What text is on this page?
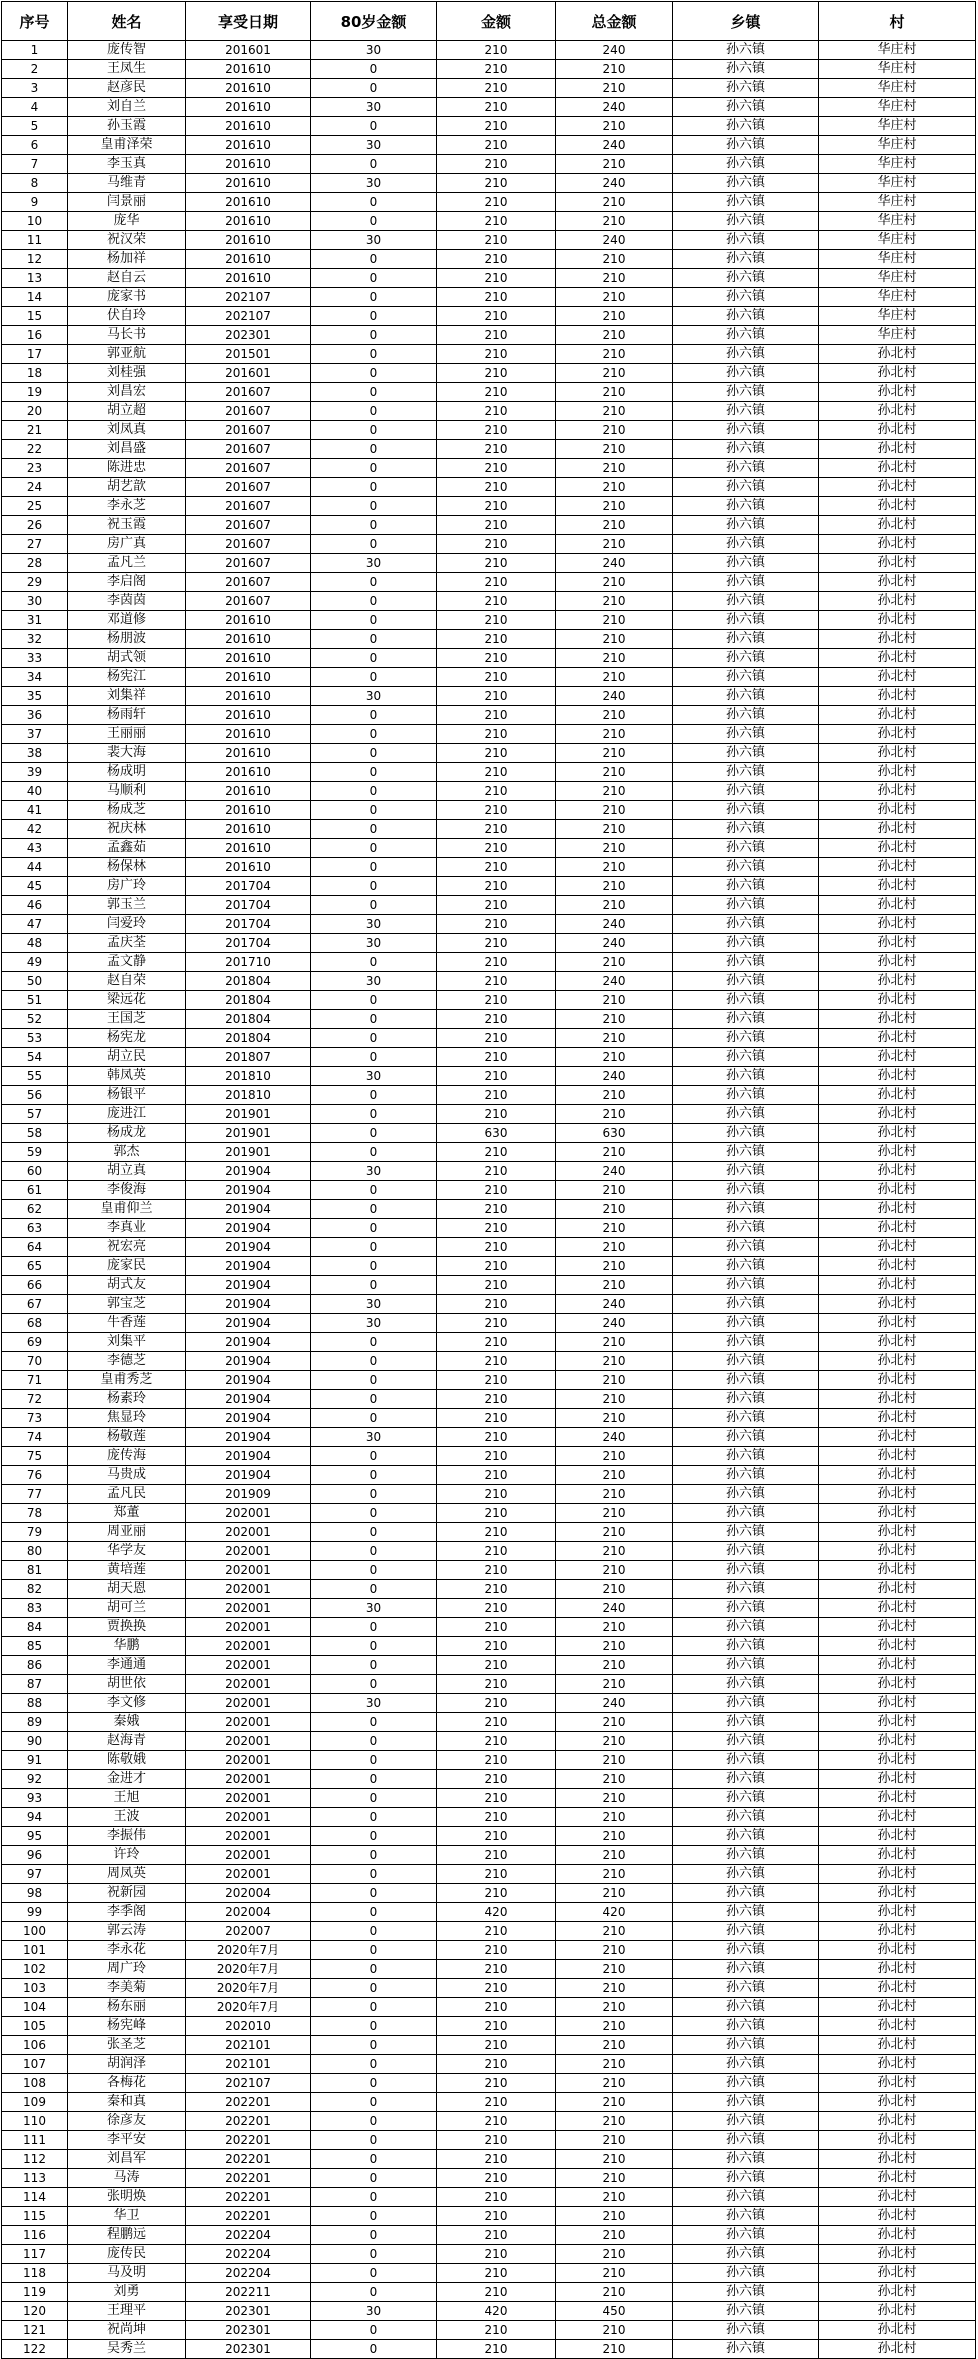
序号	姓名	享受日期	80岁金额	金额	总金额	乡镇	村
1	庞传智	201601	30	210	240	孙六镇	华庄村
2	王凤生	201610	0	210	210	孙六镇	华庄村
3	赵彦民	201610	0	210	210	孙六镇	华庄村
4	刘自兰	201610	30	210	240	孙六镇	华庄村
5	孙玉霞	201610	0	210	210	孙六镇	华庄村
6	皇甫泽荣	201610	30	210	240	孙六镇	华庄村
7	李玉真	201610	0	210	210	孙六镇	华庄村
8	马维青	201610	30	210	240	孙六镇	华庄村
9	闫景丽	201610	0	210	210	孙六镇	华庄村
10	庞华	201610	0	210	210	孙六镇	华庄村
11	祝汉荣	201610	30	210	240	孙六镇	华庄村
12	杨加祥	201610	0	210	210	孙六镇	华庄村
13	赵自云	201610	0	210	210	孙六镇	华庄村
14	庞家书	202107	0	210	210	孙六镇	华庄村
15	伏自玲	202107	0	210	210	孙六镇	华庄村
16	马长书	202301	0	210	210	孙六镇	华庄村
17	郭亚航	201501	0	210	210	孙六镇	孙北村
18	刘桂强	201601	0	210	210	孙六镇	孙北村
19	刘昌宏	201607	0	210	210	孙六镇	孙北村
20	胡立超	201607	0	210	210	孙六镇	孙北村
21	刘凤真	201607	0	210	210	孙六镇	孙北村
22	刘昌盛	201607	0	210	210	孙六镇	孙北村
23	陈进忠	201607	0	210	210	孙六镇	孙北村
24	胡艺歆	201607	0	210	210	孙六镇	孙北村
25	李永芝	201607	0	210	210	孙六镇	孙北村
26	祝玉霞	201607	0	210	210	孙六镇	孙北村
27	房广真	201607	0	210	210	孙六镇	孙北村
28	孟凡兰	201607	30	210	240	孙六镇	孙北村
29	李启阁	201607	0	210	210	孙六镇	孙北村
30	李茵茵	201607	0	210	210	孙六镇	孙北村
31	邓道修	201610	0	210	210	孙六镇	孙北村
32	杨朋波	201610	0	210	210	孙六镇	孙北村
33	胡式领	201610	0	210	210	孙六镇	孙北村
34	杨宪江	201610	0	210	210	孙六镇	孙北村
35	刘集祥	201610	30	210	240	孙六镇	孙北村
36	杨雨轩	201610	0	210	210	孙六镇	孙北村
37	王丽丽	201610	0	210	210	孙六镇	孙北村
38	裴大海	201610	0	210	210	孙六镇	孙北村
39	杨成明	201610	0	210	210	孙六镇	孙北村
40	马顺利	201610	0	210	210	孙六镇	孙北村
41	杨成芝	201610	0	210	210	孙六镇	孙北村
42	祝庆林	201610	0	210	210	孙六镇	孙北村
43	孟鑫茹	201610	0	210	210	孙六镇	孙北村
44	杨保林	201610	0	210	210	孙六镇	孙北村
45	房广玲	201704	0	210	210	孙六镇	孙北村
46	郭玉兰	201704	0	210	210	孙六镇	孙北村
47	闫爱玲	201704	30	210	240	孙六镇	孙北村
48	孟庆荃	201704	30	210	240	孙六镇	孙北村
49	孟文静	201710	0	210	210	孙六镇	孙北村
50	赵自荣	201804	30	210	240	孙六镇	孙北村
51	梁远花	201804	0	210	210	孙六镇	孙北村
52	王国芝	201804	0	210	210	孙六镇	孙北村
53	杨宪龙	201804	0	210	210	孙六镇	孙北村
54	胡立民	201807	0	210	210	孙六镇	孙北村
55	韩凤英	201810	30	210	240	孙六镇	孙北村
56	杨银平	201810	0	210	210	孙六镇	孙北村
57	庞进江	201901	0	210	210	孙六镇	孙北村
58	杨成龙	201901	0	630	630	孙六镇	孙北村
59	郭杰	201901	0	210	210	孙六镇	孙北村
60	胡立真	201904	30	210	240	孙六镇	孙北村
61	李俊海	201904	0	210	210	孙六镇	孙北村
62	皇甫仰兰	201904	0	210	210	孙六镇	孙北村
63	李真业	201904	0	210	210	孙六镇	孙北村
64	祝宏亮	201904	0	210	210	孙六镇	孙北村
65	庞家民	201904	0	210	210	孙六镇	孙北村
66	胡式友	201904	0	210	210	孙六镇	孙北村
67	郭宝芝	201904	30	210	240	孙六镇	孙北村
68	牛香莲	201904	30	210	240	孙六镇	孙北村
69	刘集平	201904	0	210	210	孙六镇	孙北村
70	李德芝	201904	0	210	210	孙六镇	孙北村
71	皇甫秀芝	201904	0	210	210	孙六镇	孙北村
72	杨素玲	201904	0	210	210	孙六镇	孙北村
73	焦显玲	201904	0	210	210	孙六镇	孙北村
74	杨敬莲	201904	30	210	240	孙六镇	孙北村
75	庞传海	201904	0	210	210	孙六镇	孙北村
76	马贵成	201904	0	210	210	孙六镇	孙北村
77	孟凡民	201909	0	210	210	孙六镇	孙北村
78	郑董	202001	0	210	210	孙六镇	孙北村
79	周亚丽	202001	0	210	210	孙六镇	孙北村
80	华学友	202001	0	210	210	孙六镇	孙北村
81	黄培莲	202001	0	210	210	孙六镇	孙北村
82	胡天恩	202001	0	210	210	孙六镇	孙北村
83	胡可兰	202001	30	210	240	孙六镇	孙北村
84	贾换换	202001	0	210	210	孙六镇	孙北村
85	华鹏	202001	0	210	210	孙六镇	孙北村
86	李通通	202001	0	210	210	孙六镇	孙北村
87	胡世依	202001	0	210	210	孙六镇	孙北村
88	李文修	202001	30	210	240	孙六镇	孙北村
89	秦娥	202001	0	210	210	孙六镇	孙北村
90	赵海青	202001	0	210	210	孙六镇	孙北村
91	陈敬娥	202001	0	210	210	孙六镇	孙北村
92	金进才	202001	0	210	210	孙六镇	孙北村
93	王旭	202001	0	210	210	孙六镇	孙北村
94	王波	202001	0	210	210	孙六镇	孙北村
95	李振伟	202001	0	210	210	孙六镇	孙北村
96	许玲	202001	0	210	210	孙六镇	孙北村
97	周凤英	202001	0	210	210	孙六镇	孙北村
98	祝新园	202004	0	210	210	孙六镇	孙北村
99	李季阁	202004	0	420	420	孙六镇	孙北村
100	郭云涛	202007	0	210	210	孙六镇	孙北村
101	李永花	2020年7月	0	210	210	孙六镇	孙北村
102	周广玲	2020年7月	0	210	210	孙六镇	孙北村
103	李美菊	2020年7月	0	210	210	孙六镇	孙北村
104	杨东丽	2020年7月	0	210	210	孙六镇	孙北村
105	杨宪峰	202010	0	210	210	孙六镇	孙北村
106	张圣芝	202101	0	210	210	孙六镇	孙北村
107	胡润泽	202101	0	210	210	孙六镇	孙北村
108	各梅花	202107	0	210	210	孙六镇	孙北村
109	秦和真	202201	0	210	210	孙六镇	孙北村
110	徐彦友	202201	0	210	210	孙六镇	孙北村
111	李平安	202201	0	210	210	孙六镇	孙北村
112	刘昌军	202201	0	210	210	孙六镇	孙北村
113	马涛	202201	0	210	210	孙六镇	孙北村
114	张明焕	202201	0	210	210	孙六镇	孙北村
115	华卫	202201	0	210	210	孙六镇	孙北村
116	程鹏远	202204	0	210	210	孙六镇	孙北村
117	庞传民	202204	0	210	210	孙六镇	孙北村
118	马及明	202204	0	210	210	孙六镇	孙北村
119	刘勇	202211	0	210	210	孙六镇	孙北村
120	王理平	202301	30	420	450	孙六镇	孙北村
121	祝尚坤	202301	0	210	210	孙六镇	孙北村
122	吴秀兰	202301	0	210	210	孙六镇	孙北村
